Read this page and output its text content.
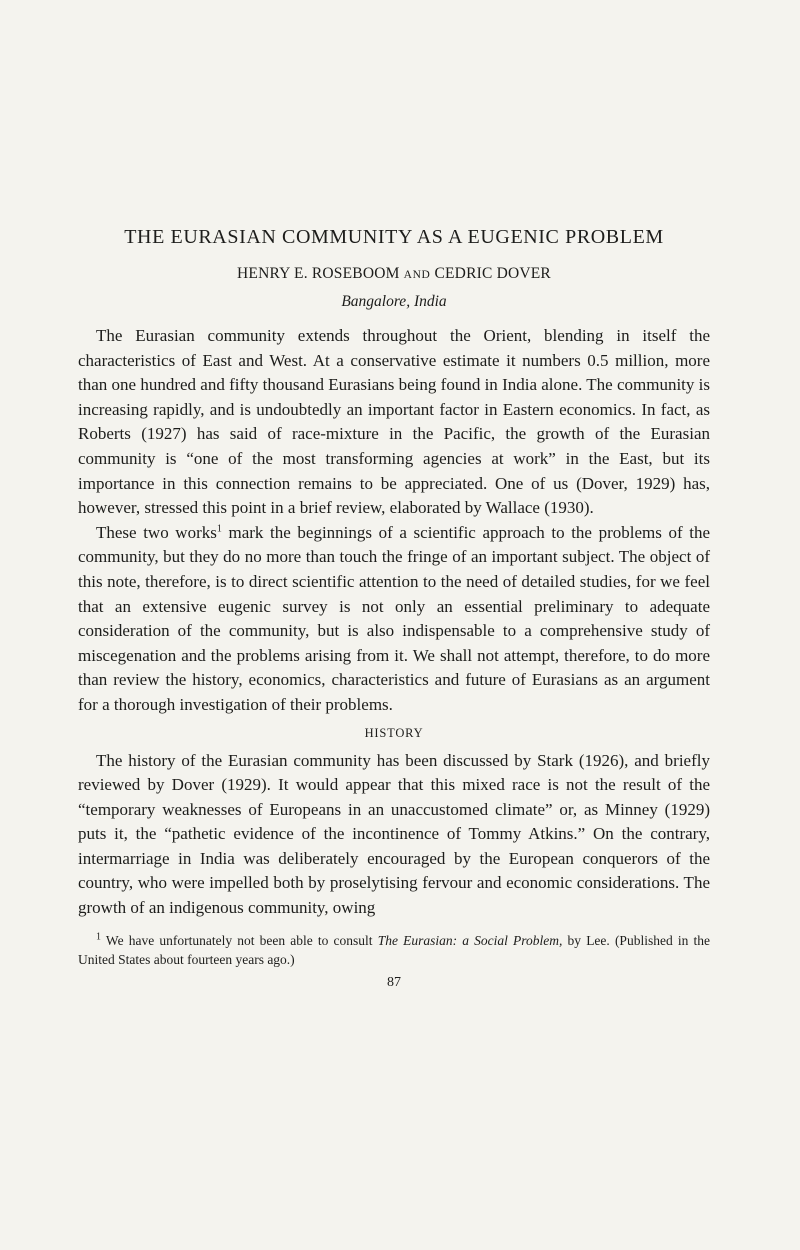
THE EURASIAN COMMUNITY AS A EUGENIC PROBLEM
HENRY E. ROSEBOOM AND CEDRIC DOVER
Bangalore, India

The Eurasian community extends throughout the Orient, blending in itself the characteristics of East and West. At a conservative estimate it numbers 0.5 million, more than one hundred and fifty thousand Eurasians being found in India alone. The community is increasing rapidly, and is undoubtedly an important factor in Eastern economics. In fact, as Roberts (1927) has said of race-mixture in the Pacific, the growth of the Eurasian community is “one of the most transforming agencies at work” in the East, but its importance in this connection remains to be appreciated. One of us (Dover, 1929) has, however, stressed this point in a brief review, elaborated by Wallace (1930).

These two works$^1$ mark the beginnings of a scientific approach to the problems of the community, but they do no more than touch the fringe of an important subject. The object of this note, therefore, is to direct scientific attention to the need of detailed studies, for we feel that an extensive eugenic survey is not only an essential preliminary to adequate consideration of the community, but is also indispensable to a comprehensive study of miscegenation and the problems arising from it. We shall not attempt, therefore, to do more than review the history, economics, characteristics and future of Eurasians as an argument for a thorough investigation of their problems.

HISTORY

The history of the Eurasian community has been discussed by Stark (1926), and briefly reviewed by Dover (1929). It would appear that this mixed race is not the result of the “temporary weaknesses of Europeans in an unaccustomed climate” or, as Minney (1929) puts it, the “pathetic evidence of the incontinence of Tommy Atkins.” On the contrary, intermarriage in India was deliberately encouraged by the European conquerors of the country, who were impelled both by proselytising fervour and economic considerations. The growth of an indigenous community, owing

$^1$ We have unfortunately not been able to consult The Eurasian: a Social Problem, by Lee. (Published in the United States about fourteen years ago.)

87
